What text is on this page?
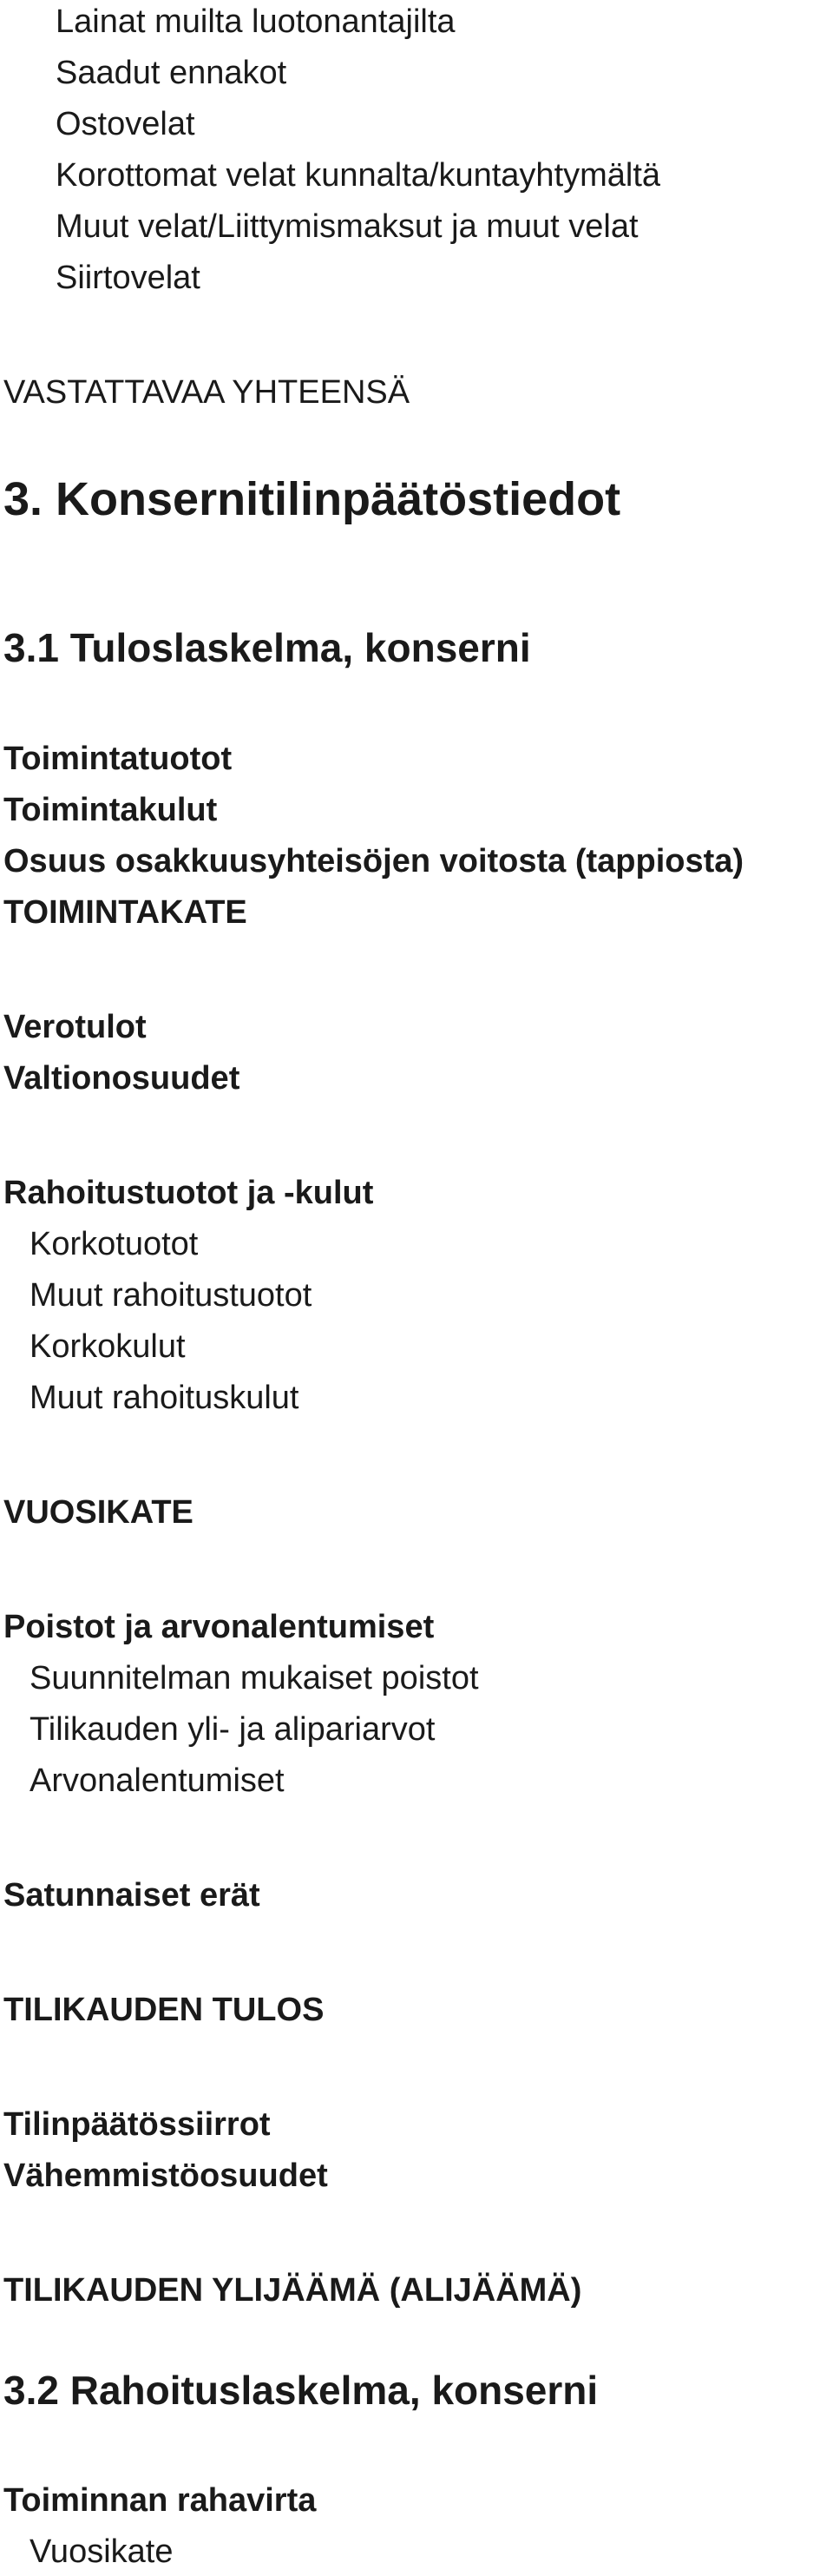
Lainat muilta luotonantajilta
Saadut ennakot
Ostovelat
Korottomat velat kunnalta/kuntayhtymältä
Muut velat/Liittymismaksut ja muut velat
Siirtovelat
VASTATTAVAA YHTEENSÄ
3. Konsernitilinpäätöstiedot
3.1 Tuloslaskelma, konserni
Toimintatuotot
Toimintakulut
Osuus osakkuusyhteisöjen voitosta (tappiosta)
TOIMINTAKATE
Verotulot
Valtionosuudet
Rahoitustuotot ja -kulut
Korkotuotot
Muut rahoitustuotot
Korkokulut
Muut rahoituskulut
VUOSIKATE
Poistot ja arvonalentumiset
Suunnitelman mukaiset poistot
Tilikauden yli- ja alipariarvot
Arvonalentumiset
Satunnaiset erät
TILIKAUDEN TULOS
Tilinpäätössiirrot
Vähemmistöosuudet
TILIKAUDEN YLIJÄÄMÄ (ALIJÄÄMÄ)
3.2 Rahoituslaskelma, konserni
Toiminnan rahavirta
Vuosikate
